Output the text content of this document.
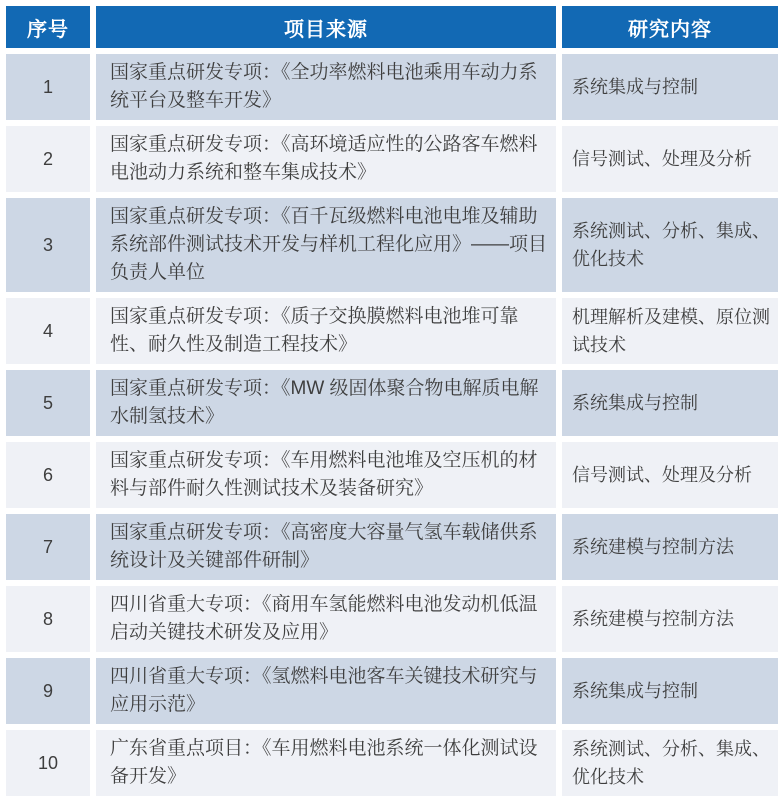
序号	项目来源	研究内容
1	国家重点研发专项：《全功率燃料电池乘用车动力系统平台及整车开发》	系统集成与控制
2	国家重点研发专项：《高环境适应性的公路客车燃料电池动力系统和整车集成技术》	信号测试、处理及分析
3	国家重点研发专项：《百千瓦级燃料电池电堆及辅助系统部件测试技术开发与样机工程化应用》——项目负责人单位	系统测试、分析、集成、优化技术
4	国家重点研发专项：《质子交换膜燃料电池堆可靠性、耐久性及制造工程技术》	机理解析及建模、原位测试技术
5	国家重点研发专项：《MW 级固体聚合物电解质电解水制氢技术》	系统集成与控制
6	国家重点研发专项：《车用燃料电池堆及空压机的材料与部件耐久性测试技术及装备研究》	信号测试、处理及分析
7	国家重点研发专项：《高密度大容量气氢车载储供系统设计及关键部件研制》	系统建模与控制方法
8	四川省重大专项：《商用车氢能燃料电池发动机低温启动关键技术研发及应用》	系统建模与控制方法
9	四川省重大专项：《氢燃料电池客车关键技术研究与应用示范》	系统集成与控制
10	广东省重点项目：《车用燃料电池系统一体化测试设备开发》	系统测试、分析、集成、优化技术
